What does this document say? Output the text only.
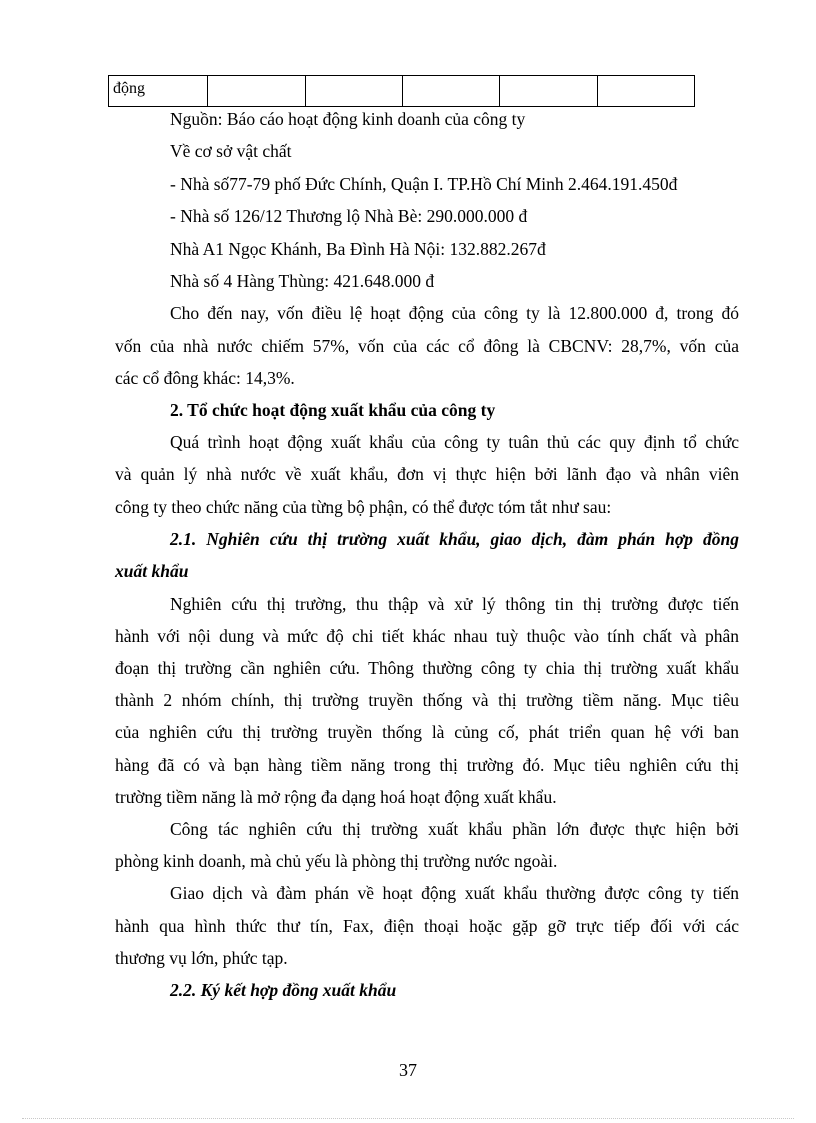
động					
Nguồn: Báo cáo hoạt động kinh doanh của công ty
Về cơ sở vật chất
- Nhà số77-79 phố Đức Chính, Quận I. TP.Hồ Chí Minh 2.464.191.450đ
- Nhà số 126/12 Thương lộ Nhà Bè: 290.000.000 đ
Nhà A1 Ngọc Khánh, Ba Đình Hà Nội: 132.882.267đ
Nhà số 4 Hàng Thùng: 421.648.000 đ
Cho đến nay, vốn điều lệ hoạt động của công ty là 12.800.000 đ, trong đó
vốn của nhà nước chiếm 57%, vốn của các cổ đông là CBCNV: 28,7%, vốn của
các cổ đông khác: 14,3%.
2. Tổ chức hoạt động xuất khẩu của công ty
Quá trình hoạt động xuất khẩu của công ty tuân thủ các quy định tổ chức
và quản lý nhà nước về xuất khẩu, đơn vị thực hiện bởi lãnh đạo và nhân viên
công ty theo chức năng của từng bộ phận, có thể được tóm tắt như sau:
2.1. Nghiên cứu thị trường xuất khẩu, giao dịch, đàm phán hợp đồng
xuất khẩu
Nghiên cứu thị trường, thu thập và xử lý thông tin thị trường được tiến
hành với nội dung và mức độ chi tiết khác nhau tuỳ thuộc vào tính chất và phân
đoạn thị trường cần nghiên cứu. Thông thường công ty chia thị trường xuất khẩu
thành 2 nhóm chính, thị trường truyền thống và thị trường tiềm năng. Mục tiêu
của nghiên cứu thị trường truyền thống là củng cố, phát triển quan hệ với ban
hàng đã có và bạn hàng tiềm năng trong thị trường đó. Mục tiêu nghiên cứu thị
trường tiềm năng là mở rộng đa dạng hoá hoạt động xuất khẩu.
Công tác nghiên cứu thị trường xuất khẩu phần lớn được thực hiện bởi
phòng kinh doanh, mà chủ yếu là phòng thị trường nước ngoài.
Giao dịch và đàm phán về hoạt động xuất khẩu thường được công ty tiến
hành qua hình thức thư tín, Fax, điện thoại hoặc gặp gỡ trực tiếp đối với các
thương vụ lớn, phức tạp.
2.2. Ký kết hợp đồng xuất khẩu
37
